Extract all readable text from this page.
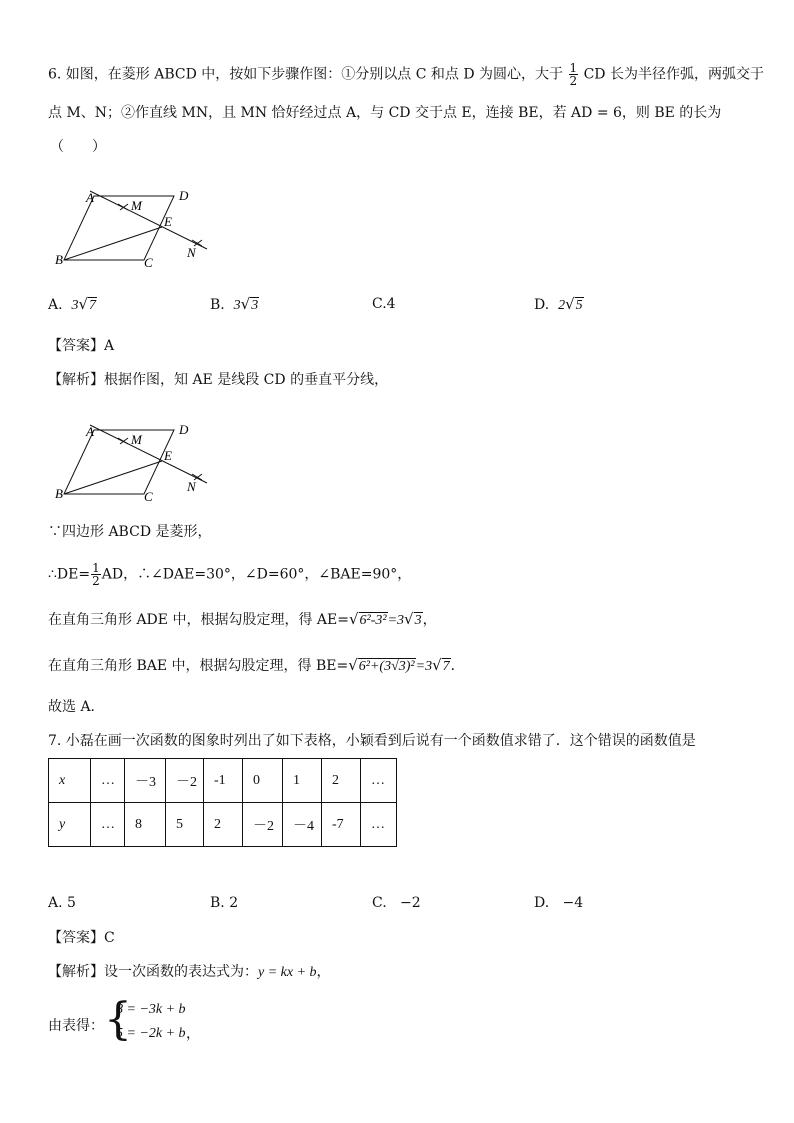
6. 如图，在菱形 ABCD 中，按如下步骤作图：①分别以点 C 和点 D 为圆心，大于 $\frac{1}{2}$ CD 长为半径作弧，两弧交于
点 M、N；②作直线 MN，且 MN 恰好经过点 A，与 CD 交于点 E，连接 BE，若 AD = 6，则 BE 的长为
（　　）
A	D
B	C
E
M
N
A. 3√7	B. 3√3	C.4	D. 2√5
【答案】A
【解析】根据作图，知 AE 是线段 CD 的垂直平分线，
A	D
B	C
E
M
N
∵四边形 ABCD 是菱形，
∴DE= $\frac{1}{2}$ AD，∴∠DAE=30°，∠D=60°，∠BAE=90°，
在直角三角形 ADE 中，根据勾股定理，得 AE=√6²-3²=3√3，
在直角三角形 BAE 中，根据勾股定理，得 BE=√6²+(3√3)²=3√7．
故选 A．
7. 小磊在画一次函数的图象时列出了如下表格，小颖看到后说有一个函数值求错了．这个错误的函数值是
x	…	－3	－2	-1	0	1	2	…
y	…	8	5	2	－2	－4	-7	…
A. 5	B. 2	C. −2	D. −4
【答案】C
【解析】设一次函数的表达式为：y = kx + b，
由表得： {
8 = −3k + b
5 = −2k + b ，
